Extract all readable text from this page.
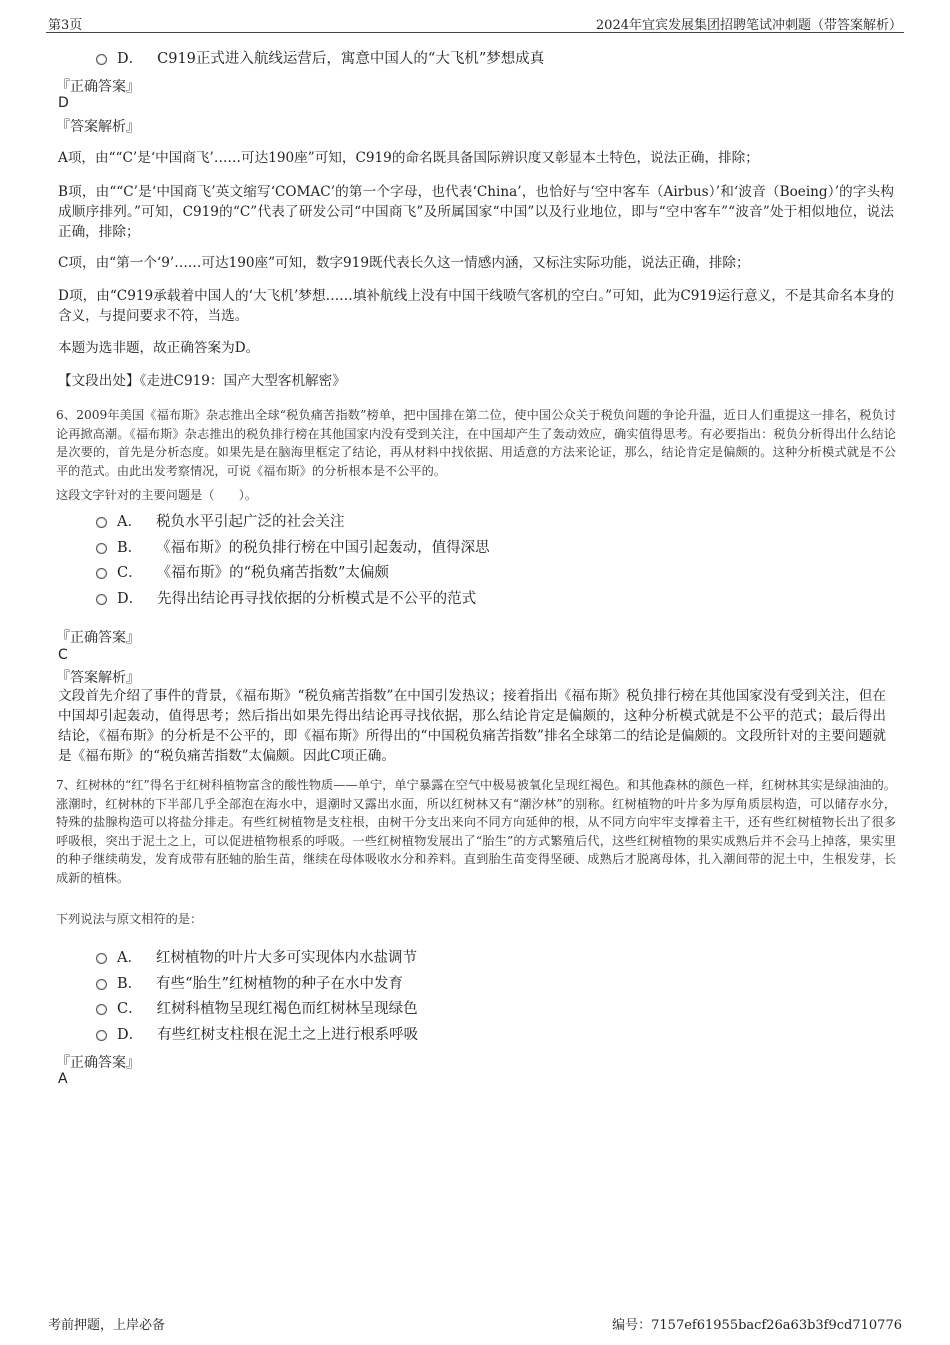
第3页	2024年宜宾发展集团招聘笔试冲刺题（带答案解析）
D． C919正式进入航线运营后，寓意中国人的“大飞机”梦想成真
『正确答案』
D
『答案解析』
A项，由““C’是‘中国商飞’……可达190座”可知，C919的命名既具备国际辨识度又彰显本土特色，说法正确，排除；
B项，由““C’是‘中国商飞’英文缩写‘COMAC’的第一个字母，也代表‘China’，也恰好与‘空中客车（Airbus）’和‘波音（Boeing）’的字头构成顺序排列。”可知，C919的“C”代表了研发公司“中国商飞”及所属国家“中国”以及行业地位，即与“空中客车”“波音”处于相似地位，说法正确，排除；
C项，由“第一个‘9’……可达190座”可知，数字919既代表长久这一情感内涵，又标注实际功能，说法正确，排除；
D项，由“C919承载着中国人的‘大飞机’梦想……填补航线上没有中国干线喷气客机的空白。”可知，此为C919运行意义，不是其命名本身的含义，与提问要求不符，当选。
本题为选非题，故正确答案为D。
【文段出处】《走进C919：国产大型客机解密》
6、2009年美国《福布斯》杂志推出全球“税负痛苦指数”榜单，把中国排在第二位，使中国公众关于税负问题的争论升温，近日人们重提这一排名，税负讨论再掀高潮。《福布斯》杂志推出的税负排行榜在其他国家内没有受到关注，在中国却产生了轰动效应，确实值得思考。有必要指出：税负分析得出什么结论是次要的，首先是分析态度。如果先是在脑海里框定了结论，再从材料中找依据、用适意的方法来论证，那么，结论肯定是偏颇的。这种分析模式就是不公平的范式。由此出发考察情况，可说《福布斯》的分析根本是不公平的。
这段文字针对的主要问题是（　　）。
A． 税负水平引起广泛的社会关注
B． 《福布斯》的税负排行榜在中国引起轰动，值得深思
C． 《福布斯》的“税负痛苦指数”太偏颇
D． 先得出结论再寻找依据的分析模式是不公平的范式
『正确答案』
C
『答案解析』
文段首先介绍了事件的背景，《福布斯》“税负痛苦指数”在中国引发热议；接着指出《福布斯》税负排行榜在其他国家没有受到关注，但在中国却引起轰动，值得思考；然后指出如果先得出结论再寻找依据，那么结论肯定是偏颇的，这种分析模式就是不公平的范式；最后得出结论，《福布斯》的分析是不公平的，即《福布斯》所得出的“中国税负痛苦指数”排名全球第二的结论是偏颇的。文段所针对的主要问题就是《福布斯》的“税负痛苦指数”太偏颇。因此C项正确。
7、红树林的“红”得名于红树科植物富含的酸性物质——单宁，单宁暴露在空气中极易被氧化呈现红褐色。和其他森林的颜色一样，红树林其实是绿油油的。涨潮时，红树林的下半部几乎全部泡在海水中，退潮时又露出水面，所以红树林又有“潮汐林”的别称。红树植物的叶片多为厚角质层构造，可以储存水分，特殊的盐腺构造可以将盐分排走。有些红树植物是支柱根，由树干分支出来向不同方向延伸的根，从不同方向牢牢支撑着主干，还有些红树植物长出了很多呼吸根，突出于泥土之上，可以促进植物根系的呼吸。一些红树植物发展出了“胎生”的方式繁殖后代，这些红树植物的果实成熟后并不会马上掉落，果实里的种子继续萌发，发育成带有胚轴的胎生苗，继续在母体吸收水分和养料。直到胎生苗变得坚硬、成熟后才脱离母体，扎入潮间带的泥土中，生根发芽，长成新的植株。
下列说法与原文相符的是：
A． 红树植物的叶片大多可实现体内水盐调节
B． 有些“胎生”红树植物的种子在水中发育
C． 红树科植物呈现红褐色而红树林呈现绿色
D． 有些红树支柱根在泥土之上进行根系呼吸
『正确答案』
A
考前押题，上岸必备	编号：7157ef61955bacf26a63b3f9cd710776
